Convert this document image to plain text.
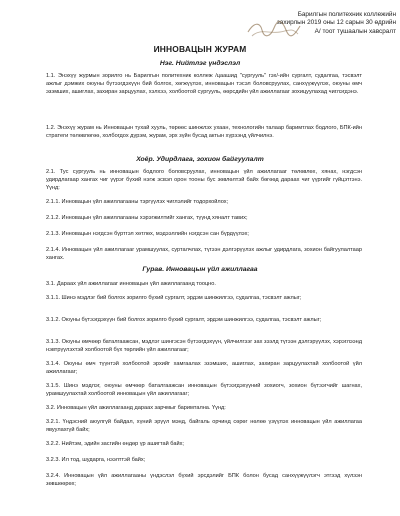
Барилгын политехник коллежийн
захирлын 2019 оны 12 сарын 30 өдрийн
А/ тоот тушаалын хавсралт
ИННОВАЦЫН ЖУРАМ
Нэг. Нийтлэг үндэслэл
1.1. Энэхүү журмын зорилго нь Барилгын политехник коллеж /цаашид "сургууль" гэх/-ийн сургалт, судалгаа, тэсвэлт ажлыг дэмжих оюуны бүтээгдэхүүн бий болгох, хөгжүүлэх, инновацын тэсэл боловсруулах, санхүүжүүлэх, оюуны өмч эзэмших, ашиглах, захиран зарцуулах, хэлхээ, холбоотой сургууль, өөрсдийн үйл ажиллагааг зохицуулахад чиглэгдэнэ.
1.2. Энэхүү журам нь Инновацын тухай хууль, төрөөс шинжлэх ухаан, технологийн талаар баримтлах бодлого, БПК-ийн стратеги төлөвлөгөө, холбогдох дүрэм, журам, эрх зүйн бусад актын хүрээнд үйлчилнэ.
Хоёр. Удирдлага, зохион байгуулалт
2.1. Тус сургууль нь инновацын бодлого боловсруулах, инновацын үйл ажиллагааг төлөвлөх, хянах, нэгдсэн удирдлагаар хангах чиг үүрэг бүхий нэгж эсвэл орон тооны бус зөвлөлтэй байх бөгөөд дараах чиг үүргийг гүйцэтгэнэ. Үүнд:
2.1.1. Инновацын үйл ажиллагааны тэргүүлэх чиглэлийг тодорхойлох;
2.1.2. Инновацын үйл ажиллагааны хэрэгжилтийг хангах, түүнд хяналт тавих;
2.1.3. Инновацын нэгдсэн бүртгэл хөтлөх, мэдээллийн нэгдсэн сан бүрдүүлэх;
2.1.4. Инновацын үйл ажиллагааг урамшуулах, сурталчлах, түгээн дэлгэрүүлэх ажлыг удирдлага, зохион байгуулалтаар хангах.
Гурав. Инновацын үйл ажиллагаа
3.1. Дараах үйл ажиллагааг инновацын үйл ажиллагаанд тооцно.
3.1.1. Шинэ мэдлэг бий болгох зорилго бүхий сургалт, эрдэм шинжилгээ, судалгаа, тэсвэлт ажлыг;
3.1.2. Оюуны бүтээгдэхүүн бий болгох зорилго бүхий сургалт, эрдэм шинжилгээ, судалгаа, тэсвэлт ажлыг;
3.1.3. Оюуны өмчөөр баталгаажсан, мэдлэг шингэсэн бүтээгдэхүүн, үйлчилгээг зах зээлд түгээн дэлгэрүүлэх, хэрэглээнд нэвтрүүлэхтэй холбоотой бүх төрлийн үйл ажиллагааг;
3.1.4. Оюуны өмч түүнтэй холбоотой эрхийг хамгаалах эзэмших, ашиглах, захиран зарцуулахтай холбоотой үйл ажиллагааг;
3.1.5. Шинэ мэдлэг, оюуны өмчөөр баталгаажсан инновацын бүтээгдэхүүний зохиогч, зохион бүтээгчийг шагнах, урамшуулахтай холбоотой инновацын үйл ажиллагааг;
3.2. Инновацын үйл ажиллагаанд дараах зарчмыг баримтална. Үүнд:
3.2.1. Үндэсний аюулгүй байдал, хүний эрүүл мэнд, байгаль орчинд сөрөг нөлөө үзүүлэх инновацын үйл ажиллагаа явуулахгүй байх;
3.2.2. Нийтэм, эдийн засгийн өндөр үр ашигтай байх;
3.2.3. Ил тод, шударга, нээлттэй байх;
3.2.4. Инновацын үйл ажиллагааны үндэслэл бүхий эрсдэлийг БПК болон бусад санхүүжүүлэгч этгээд хүлээн зөвшөөрөх;
